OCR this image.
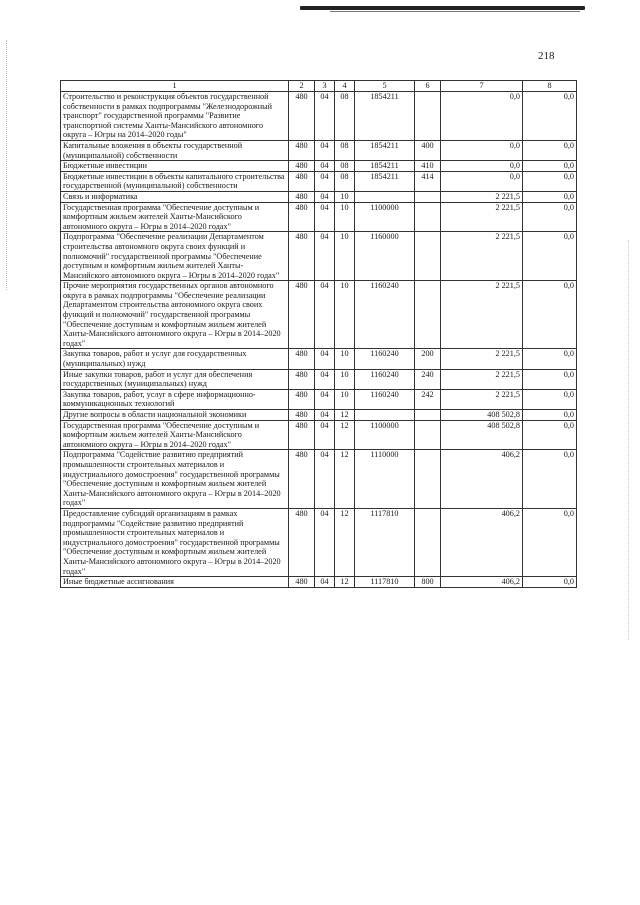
218
1	2	3	4	5	6	7	8
Строительство и реконструкция объектов государственной собственности в рамках подпрограммы "Железнодорожный транспорт" государственной программы "Развитие транспортной системы Ханты-Мансийского автономного округа – Югры на 2014–2020 годы"	480	04	08	1854211		0,0	0,0
Капитальные вложения в объекты государственной (муниципальной) собственности	480	04	08	1854211	400	0,0	0,0
Бюджетные инвестиции	480	04	08	1854211	410	0,0	0,0
Бюджетные инвестиции в объекты капитального строительства государственной (муниципальной) собственности	480	04	08	1854211	414	0,0	0,0
Связь и информатика	480	04	10			2 221,5	0,0
Государственная программа "Обеспечение доступным и комфортным жильем жителей Ханты-Мансийского автономного округа – Югры в 2014–2020 годах"	480	04	10	1100000		2 221,5	0,0
Подпрограмма "Обеспечение реализации Департаментом строительства автономного округа своих функций и полномочий" государственной программы "Обеспечение доступным и комфортным жильем жителей Ханты-Мансийского автономного округа – Югры в 2014–2020 годах"	480	04	10	1160000		2 221,5	0,0
Прочие мероприятия государственных органов автономного округа в рамках подпрограммы "Обеспечение реализации Департаментом строительства автономного округа своих функций и полномочий" государственной программы "Обеспечение доступным и комфортным жильем жителей Ханты-Мансийского автономного округа – Югры в 2014–2020 годах"	480	04	10	1160240		2 221,5	0,0
Закупка товаров, работ и услуг для государственных (муниципальных) нужд	480	04	10	1160240	200	2 221,5	0,0
Иные закупки товаров, работ и услуг для обеспечения государственных (муниципальных) нужд	480	04	10	1160240	240	2 221,5	0,0
Закупка товаров, работ, услуг в сфере информационно-коммуникационных технологий	480	04	10	1160240	242	2 221,5	0,0
Другие вопросы в области национальной экономики	480	04	12			408 502,8	0,0
Государственная программа "Обеспечение доступным и комфортным жильем жителей Ханты-Мансийского автономного округа – Югры в 2014–2020 годах"	480	04	12	1100000		408 502,8	0,0
Подпрограмма "Содействие развитию предприятий промышленности строительных материалов и индустриального домостроения" государственной программы "Обеспечение доступным и комфортным жильем жителей Ханты-Мансийского автономного округа – Югры в 2014–2020 годах"	480	04	12	1110000		406,2	0,0
Предоставление субсидий организациям в рамках подпрограммы "Содействие развитию предприятий промышленности строительных материалов и индустриального домостроения" государственной программы "Обеспечение доступным и комфортным жильем жителей Ханты-Мансийского автономного округа – Югры в 2014–2020 годах"	480	04	12	1117810		406,2	0,0
Иные бюджетные ассигнования	480	04	12	1117810	800	406,2	0,0
